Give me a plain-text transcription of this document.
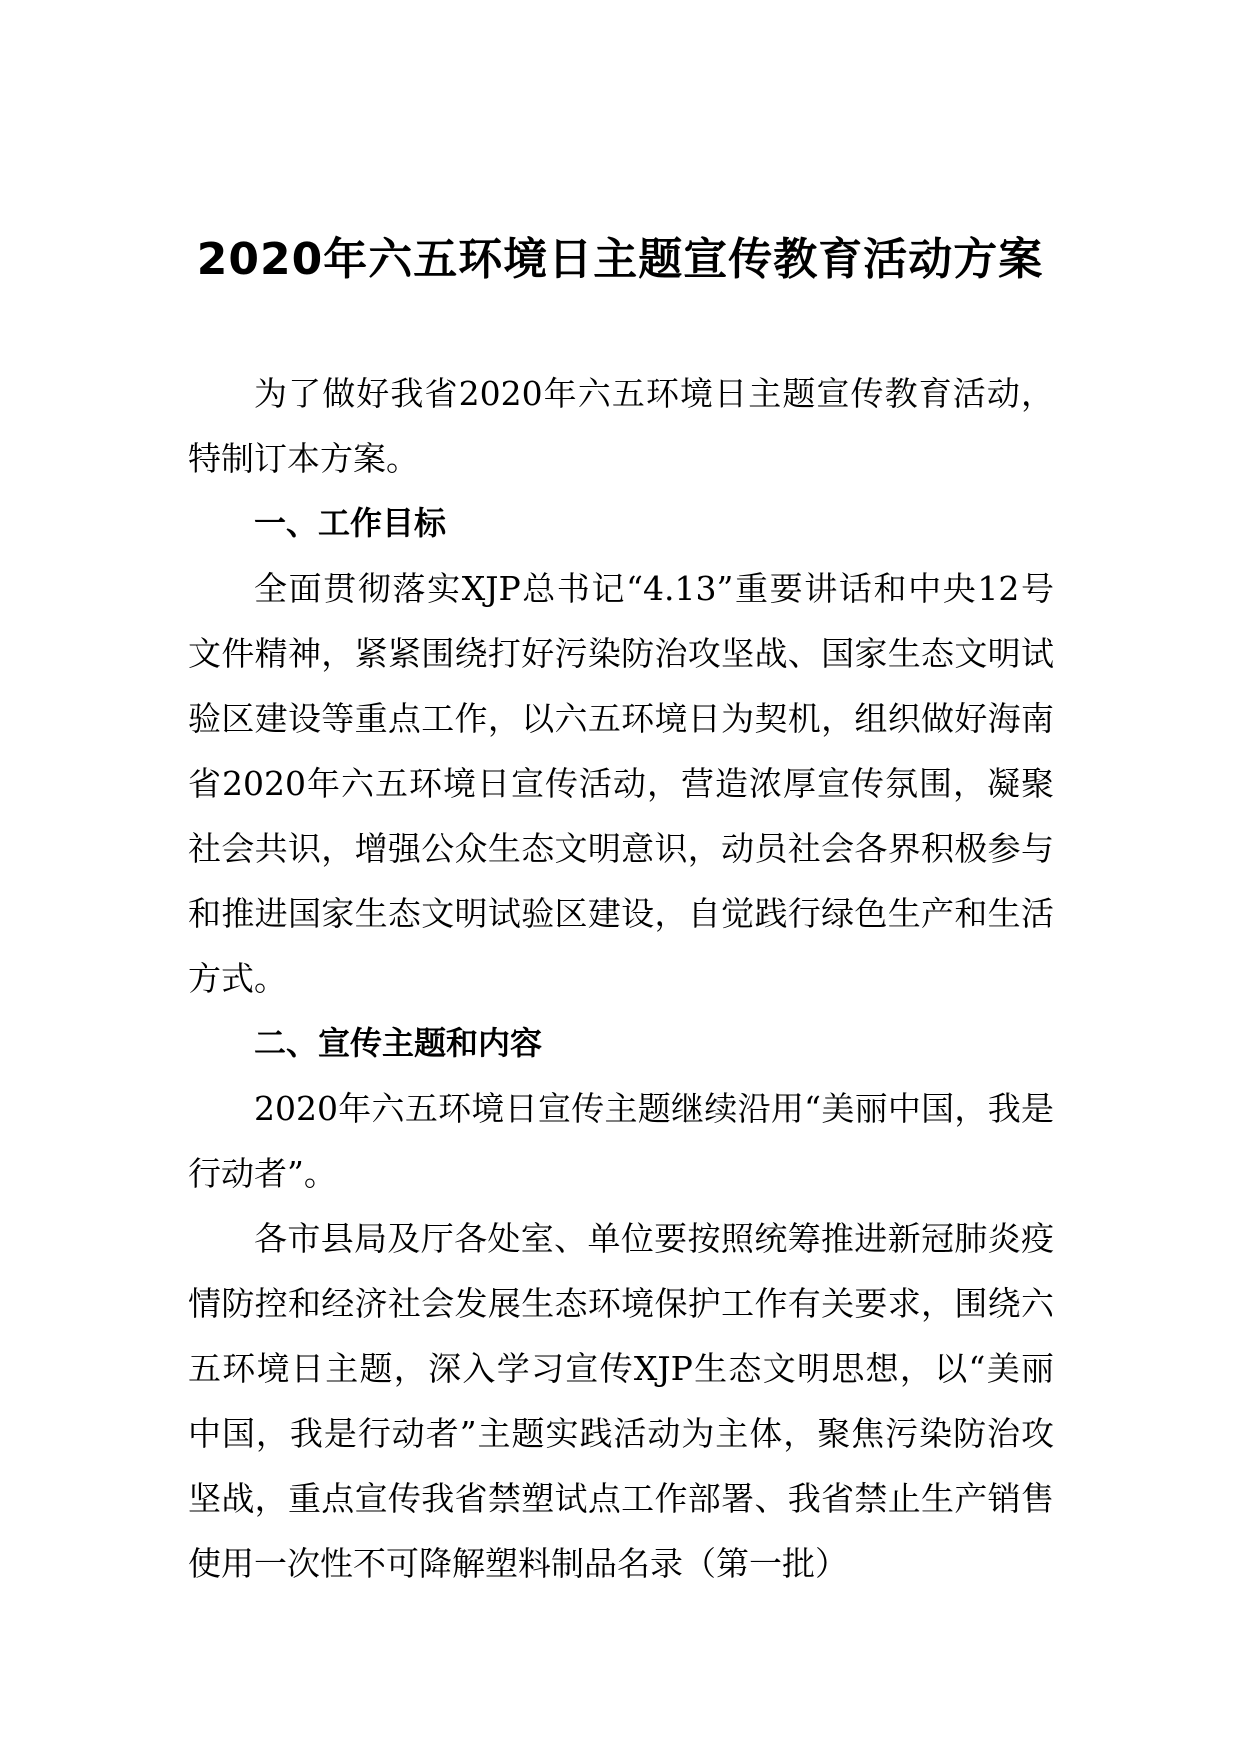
2020年六五环境日主题宣传教育活动方案

为了做好我省2020年六五环境日主题宣传教育活动，特制订本方案。

一、工作目标

全面贯彻落实XJP总书记“4.13”重要讲话和中央12号文件精神，紧紧围绕打好污染防治攻坚战、国家生态文明试验区建设等重点工作，以六五环境日为契机，组织做好海南省2020年六五环境日宣传活动，营造浓厚宣传氛围，凝聚社会共识，增强公众生态文明意识，动员社会各界积极参与和推进国家生态文明试验区建设，自觉践行绿色生产和生活方式。

二、宣传主题和内容

2020年六五环境日宣传主题继续沿用“美丽中国，我是行动者”。

各市县局及厅各处室、单位要按照统筹推进新冠肺炎疫情防控和经济社会发展生态环境保护工作有关要求，围绕六五环境日主题，深入学习宣传XJP生态文明思想，以“美丽中国，我是行动者”主题实践活动为主体，聚焦污染防治攻坚战，重点宣传我省禁塑试点工作部署、我省禁止生产销售使用一次性不可降解塑料制品名录（第一批）
